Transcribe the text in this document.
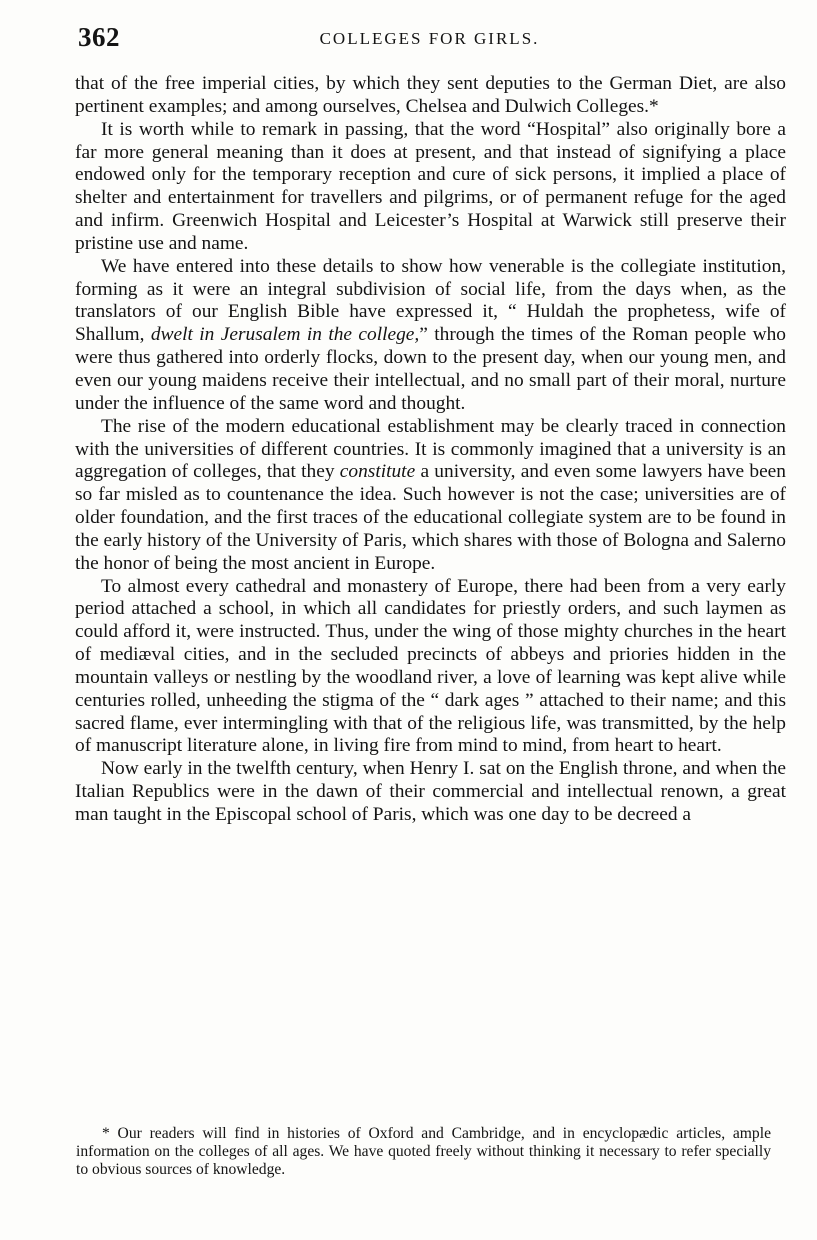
362	COLLEGES FOR GIRLS.

that of the free imperial cities, by which they sent deputies to the German Diet, are also pertinent examples; and among ourselves, Chelsea and Dulwich Colleges.*

It is worth while to remark in passing, that the word “Hospital” also originally bore a far more general meaning than it does at present, and that instead of signifying a place endowed only for the temporary reception and cure of sick persons, it implied a place of shelter and entertainment for travellers and pilgrims, or of permanent refuge for the aged and infirm. Greenwich Hospital and Leicester’s Hospital at Warwick still preserve their pristine use and name.

We have entered into these details to show how venerable is the collegiate institution, forming as it were an integral subdivision of social life, from the days when, as the translators of our English Bible have expressed it, “ Huldah the prophetess, wife of Shallum, dwelt in Jerusalem in the college,” through the times of the Roman people who were thus gathered into orderly flocks, down to the present day, when our young men, and even our young maidens receive their intellectual, and no small part of their moral, nurture under the influence of the same word and thought.

The rise of the modern educational establishment may be clearly traced in connection with the universities of different countries. It is commonly imagined that a university is an aggregation of colleges, that they constitute a university, and even some lawyers have been so far misled as to countenance the idea. Such however is not the case; universities are of older foundation, and the first traces of the educational collegiate system are to be found in the early history of the University of Paris, which shares with those of Bologna and Salerno the honor of being the most ancient in Europe.

To almost every cathedral and monastery of Europe, there had been from a very early period attached a school, in which all candidates for priestly orders, and such laymen as could afford it, were instructed. Thus, under the wing of those mighty churches in the heart of mediæval cities, and in the secluded precincts of abbeys and priories hidden in the mountain valleys or nestling by the woodland river, a love of learning was kept alive while centuries rolled, unheeding the stigma of the “ dark ages ” attached to their name; and this sacred flame, ever intermingling with that of the religious life, was transmitted, by the help of manuscript literature alone, in living fire from mind to mind, from heart to heart.

Now early in the twelfth century, when Henry I. sat on the English throne, and when the Italian Republics were in the dawn of their commercial and intellectual renown, a great man taught in the Episcopal school of Paris, which was one day to be decreed a

* Our readers will find in histories of Oxford and Cambridge, and in encyclopædic articles, ample information on the colleges of all ages. We have quoted freely without thinking it necessary to refer specially to obvious sources of knowledge.
